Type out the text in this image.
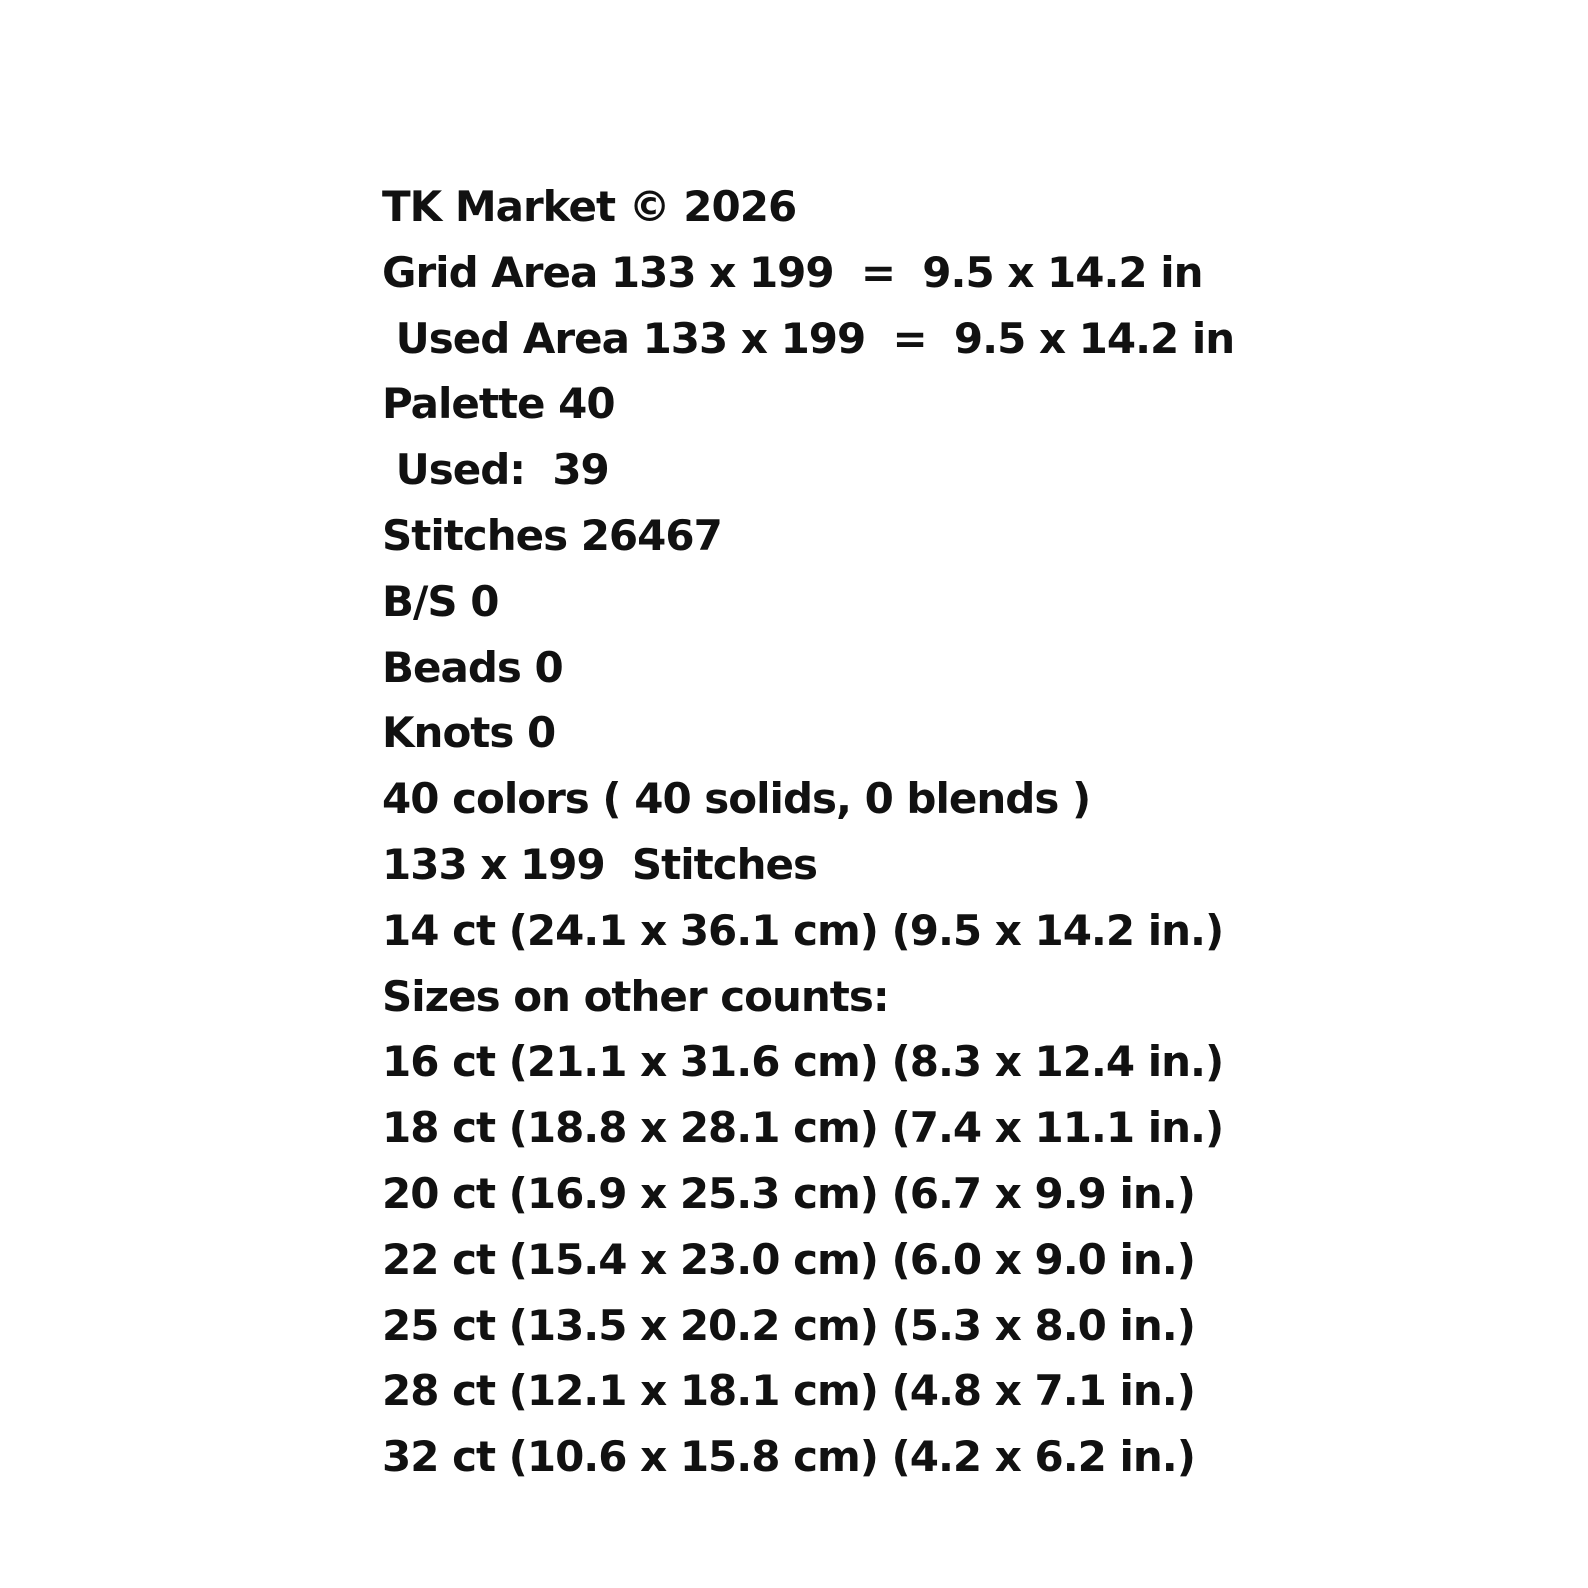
TK Market © 2026
Grid Area 133 x 199  =  9.5 x 14.2 in
Used Area 133 x 199  =  9.5 x 14.2 in
Palette 40
Used:  39
Stitches 26467
B/S 0
Beads 0
Knots 0
40 colors ( 40 solids, 0 blends )
133 x 199  Stitches
14 ct (24.1 x 36.1 cm) (9.5 x 14.2 in.)
Sizes on other counts:
16 ct (21.1 x 31.6 cm) (8.3 x 12.4 in.)
18 ct (18.8 x 28.1 cm) (7.4 x 11.1 in.)
20 ct (16.9 x 25.3 cm) (6.7 x 9.9 in.)
22 ct (15.4 x 23.0 cm) (6.0 x 9.0 in.)
25 ct (13.5 x 20.2 cm) (5.3 x 8.0 in.)
28 ct (12.1 x 18.1 cm) (4.8 x 7.1 in.)
32 ct (10.6 x 15.8 cm) (4.2 x 6.2 in.)
